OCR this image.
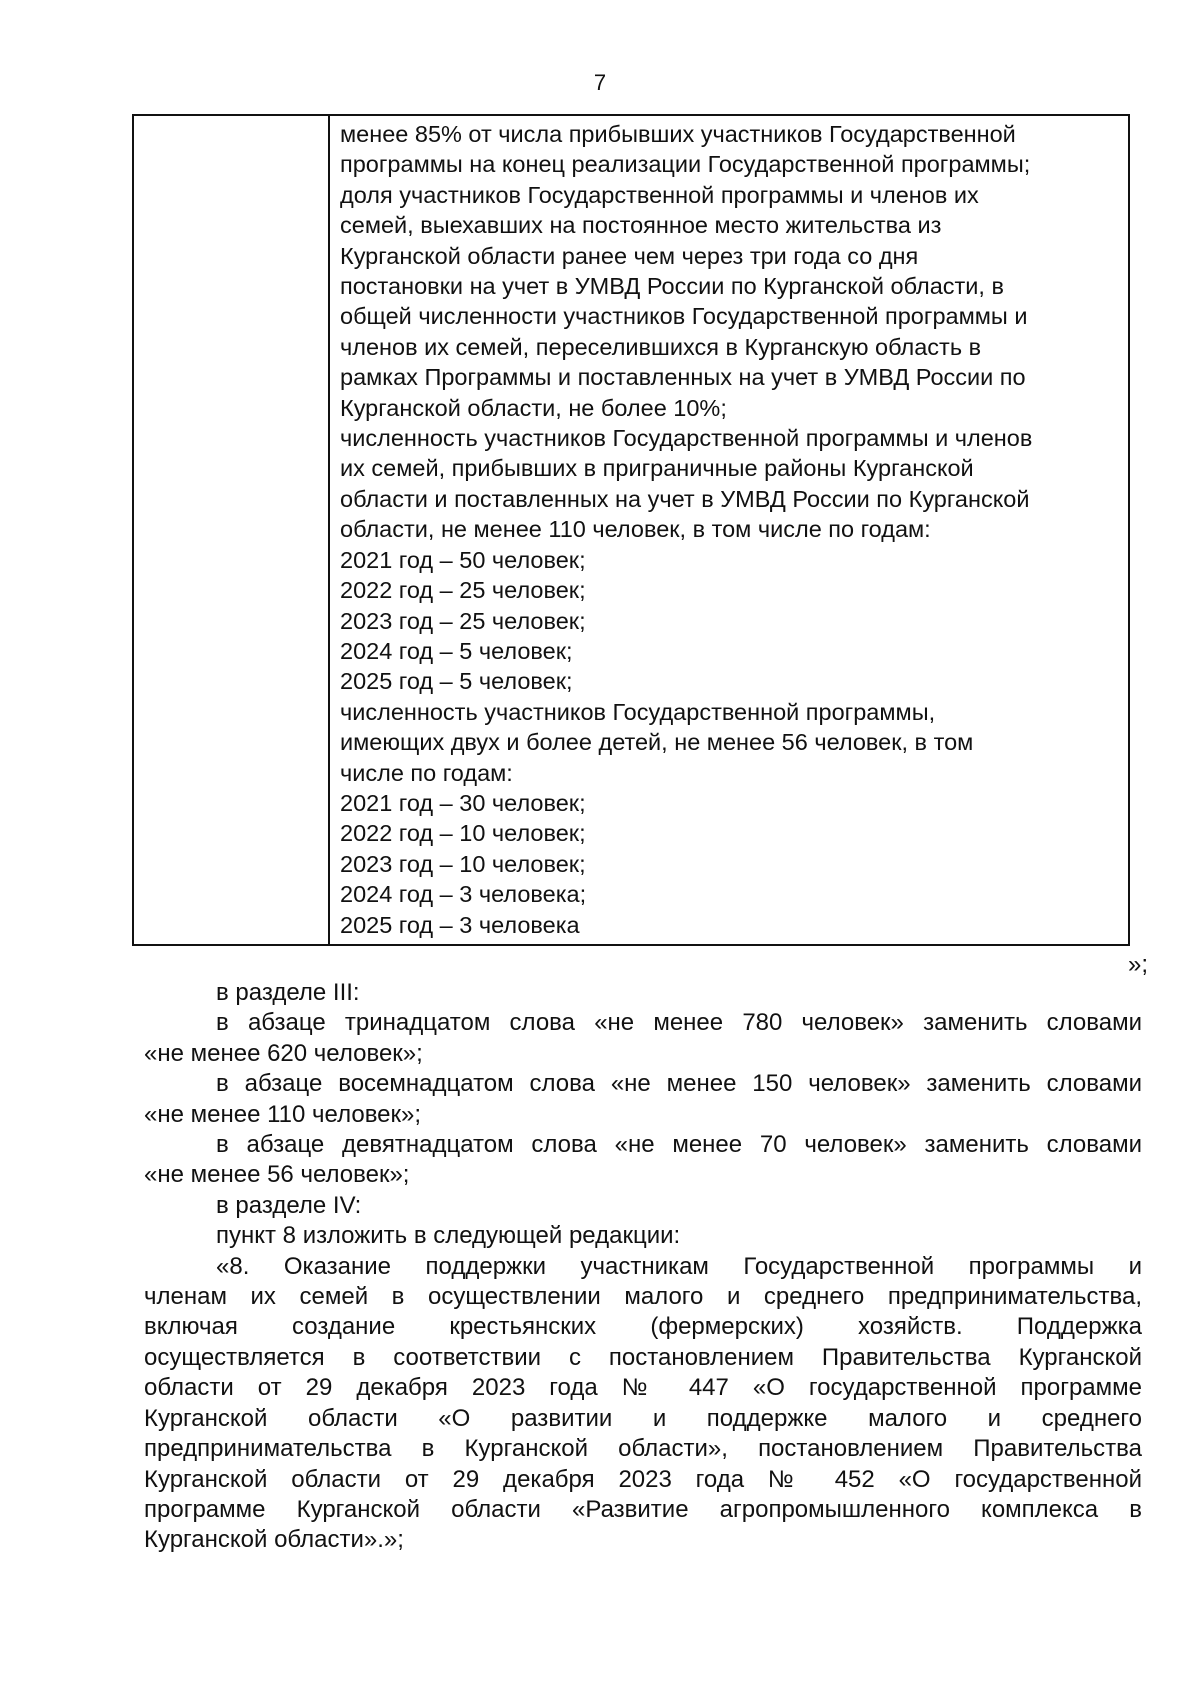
7
менее 85% от числа прибывших участников Государственной
программы на конец реализации Государственной программы;
доля участников Государственной программы и членов их
семей, выехавших на постоянное место жительства из
Курганской области ранее чем через три года со дня
постановки на учет в УМВД России по Курганской области, в
общей численности участников Государственной программы и
членов их семей, переселившихся в Курганскую область в
рамках Программы и поставленных на учет в УМВД России по
Курганской области, не более 10%;
численность участников Государственной программы и членов
их семей, прибывших в приграничные районы Курганской
области и поставленных на учет в УМВД России по Курганской
области, не менее 110 человек, в том числе по годам:
2021 год – 50 человек;
2022 год – 25 человек;
2023 год – 25 человек;
2024 год – 5 человек;
2025 год – 5 человек;
численность участников Государственной программы,
имеющих двух и более детей, не менее 56 человек, в том
числе по годам:
2021 год – 30 человек;
2022 год – 10 человек;
2023 год – 10 человек;
2024 год – 3 человека;
2025 год – 3 человека
»;
в разделе III:
в абзаце тринадцатом слова «не менее 780 человек» заменить словами
«не менее 620 человек»;
в абзаце восемнадцатом слова «не менее 150 человек» заменить словами
«не менее 110 человек»;
в абзаце девятнадцатом слова «не менее 70 человек» заменить словами
«не менее 56 человек»;
в разделе IV:
пункт 8 изложить в следующей редакции:
«8. Оказание поддержки участникам Государственной программы и
членам их семей в осуществлении малого и среднего предпринимательства,
включая создание крестьянских (фермерских) хозяйств. Поддержка
осуществляется в соответствии с постановлением Правительства Курганской
области от 29 декабря 2023 года № 447 «О государственной программе
Курганской области «О развитии и поддержке малого и среднего
предпринимательства в Курганской области», постановлением Правительства
Курганской области от 29 декабря 2023 года № 452 «О государственной
программе Курганской области «Развитие агропромышленного комплекса в
Курганской области».»;
